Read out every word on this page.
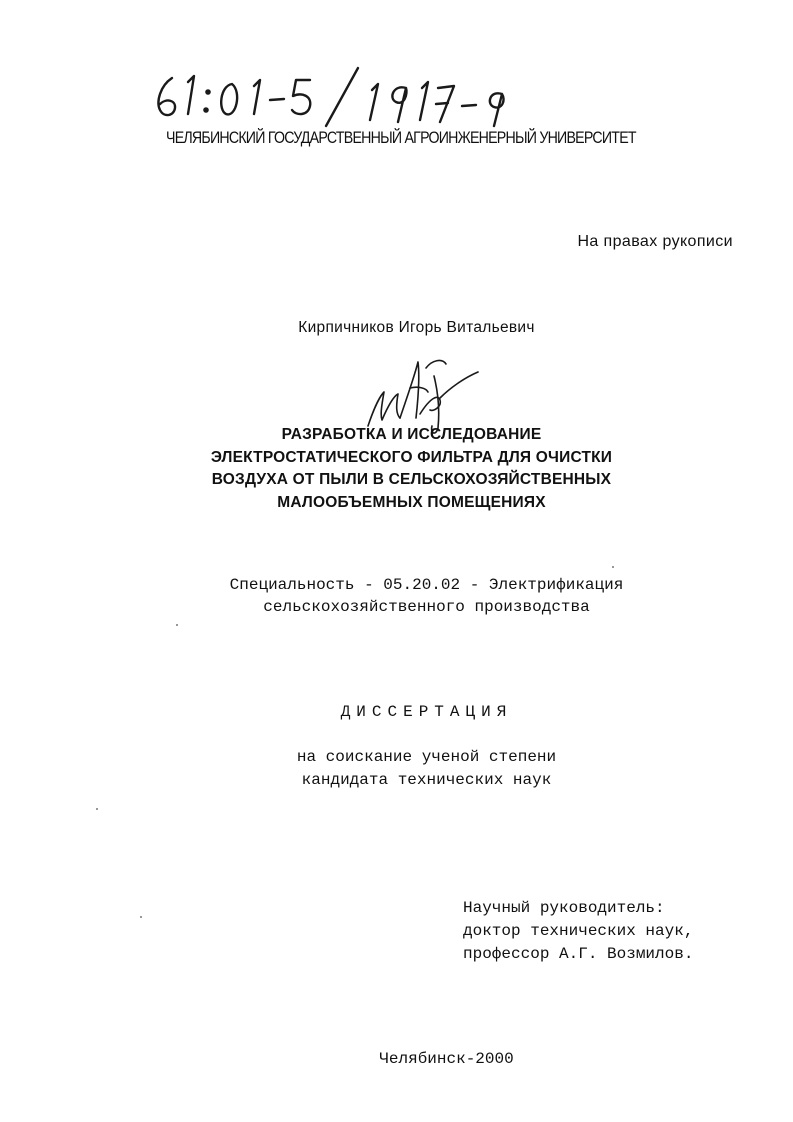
ЧЕЛЯБИНСКИЙ ГОСУДАРСТВЕННЫЙ АГРОИНЖЕНЕРНЫЙ УНИВЕРСИТЕТ
На правах рукописи
Кирпичников Игорь Витальевич
РАЗРАБОТКА И ИССЛЕДОВАНИЕ
ЭЛЕКТРОСТАТИЧЕСКОГО ФИЛЬТРА ДЛЯ ОЧИСТКИ
ВОЗДУХА ОТ ПЫЛИ В СЕЛЬСКОХОЗЯЙСТВЕННЫХ
МАЛООБЪЕМНЫХ ПОМЕЩЕНИЯХ
Специальность - 05.20.02 - Электрификация
сельскохозяйственного производства
ДИССЕРТАЦИЯ
на соискание ученой степени
кандидата технических наук
Научный руководитель:
доктор технических наук,
профессор А.Г. Возмилов.
Челябинск-2000
